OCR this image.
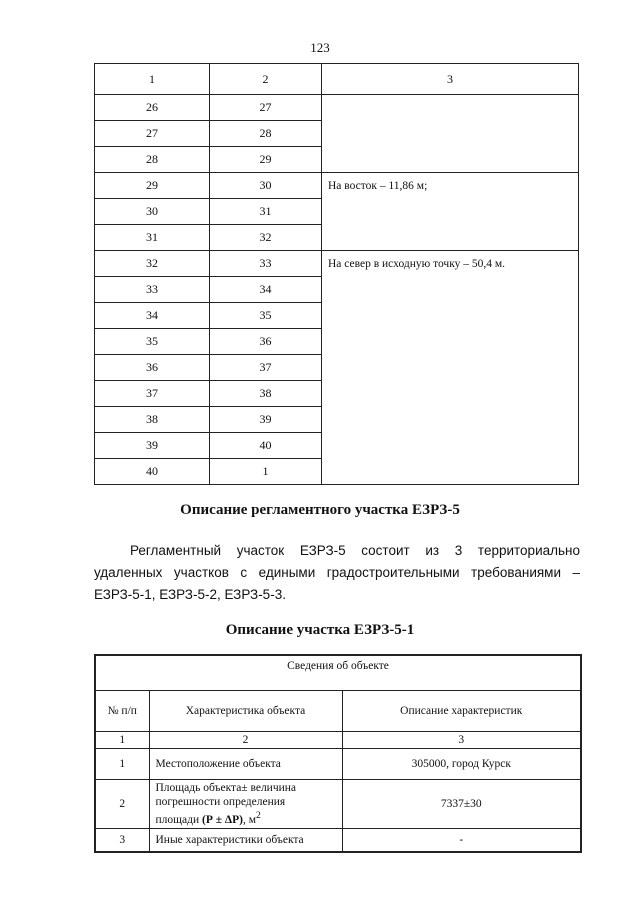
123
1	2	3
26	27	
27	28	
28	29	
29	30	На восток – 11,86 м;
30	31	
31	32	
32	33	На север в исходную точку – 50,4 м.
33	34	
34	35	
35	36	
36	37	
37	38	
38	39	
39	40	
40	1	
Описание регламентного участка ЕЗРЗ-5
Регламентный участок ЕЗРЗ-5 состоит из 3 территориально удаленных участков с едиными градостроительными требованиями – ЕЗРЗ-5-1, ЕЗРЗ-5-2, ЕЗРЗ-5-3.
Описание участка ЕЗРЗ-5-1
Сведения об объекте		
№ п/п	Характеристика объекта	Описание характеристик
1	2	3
1	Местоположение объекта	305000, город Курск
2	Площадь объекта± величина
погрешности определения
площади (Р ± ΔР), $м^2$	7337±30
3	Иные характеристики объекта	-
